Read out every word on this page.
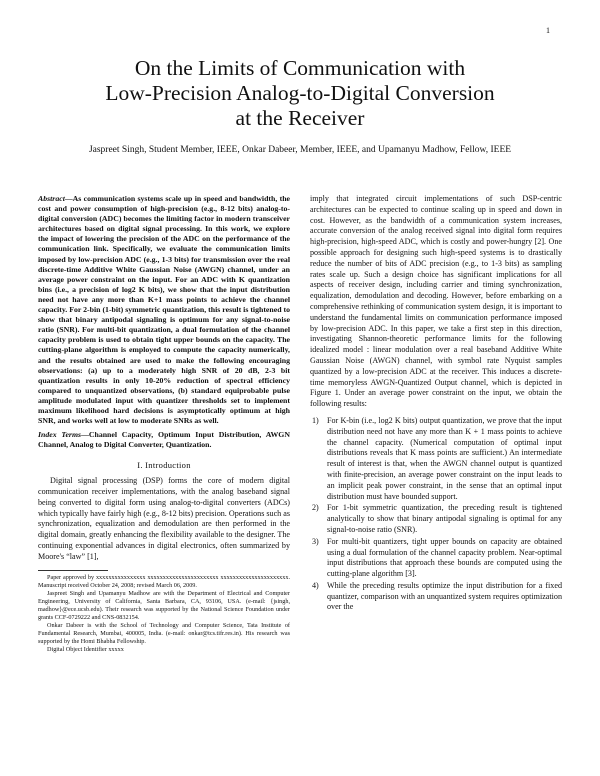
1
On the Limits of Communication with
Low-Precision Analog-to-Digital Conversion
at the Receiver
Jaspreet Singh, Student Member, IEEE, Onkar Dabeer, Member, IEEE, and Upamanyu Madhow, Fellow, IEEE
Abstract—As communication systems scale up in speed and bandwidth, the cost and power consumption of high-precision (e.g., 8-12 bits) analog-to-digital conversion (ADC) becomes the limiting factor in modern transceiver architectures based on digital signal processing. In this work, we explore the impact of lowering the precision of the ADC on the performance of the communication link. Specifically, we evaluate the communication limits imposed by low-precision ADC (e.g., 1-3 bits) for transmission over the real discrete-time Additive White Gaussian Noise (AWGN) channel, under an average power constraint on the input. For an ADC with K quantization bins (i.e., a precision of log2 K bits), we show that the input distribution need not have any more than K+1 mass points to achieve the channel capacity. For 2-bin (1-bit) symmetric quantization, this result is tightened to show that binary antipodal signaling is optimum for any signal-to-noise ratio (SNR). For multi-bit quantization, a dual formulation of the channel capacity problem is used to obtain tight upper bounds on the capacity. The cutting-plane algorithm is employed to compute the capacity numerically, and the results obtained are used to make the following encouraging observations: (a) up to a moderately high SNR of 20 dB, 2-3 bit quantization results in only 10-20% reduction of spectral efficiency compared to unquantized observations, (b) standard equiprobable pulse amplitude modulated input with quantizer thresholds set to implement maximum likelihood hard decisions is asymptotically optimum at high SNR, and works well at low to moderate SNRs as well.
Index Terms—Channel Capacity, Optimum Input Distribution, AWGN Channel, Analog to Digital Converter, Quantization.
I. Introduction

Digital signal processing (DSP) forms the core of modern digital communication receiver implementations, with the analog baseband signal being converted to digital form using analog-to-digital converters (ADCs) which typically have fairly high (e.g., 8-12 bits) precision. Operations such as synchronization, equalization and demodulation are then performed in the digital domain, greatly enhancing the flexibility available to the designer. The continuing exponential advances in digital electronics, often summarized by Moore's “law” [1],

Paper approved by xxxxxxxxxxxxxxxx xxxxxxxxxxxxxxxxxxxxxxx xxxxxxxxxxxxxxxxxxxxxx. Manuscript received October 24, 2008; revised March 06, 2009.

Jaspreet Singh and Upamanyu Madhow are with the Department of Electrical and Computer Engineering, University of California, Santa Barbara, CA, 93106, USA. (e-mail: {jsingh, madhow}@ece.ucsb.edu). Their research was supported by the National Science Foundation under grants CCF-0729222 and CNS-0832154.

Onkar Dabeer is with the School of Technology and Computer Science, Tata Institute of Fundamental Research, Mumbai, 400005, India. (e-mail: onkar@tcs.tifr.res.in). His research was supported by the Homi Bhabha Fellowship.

Digital Object Identifier xxxxx

imply that integrated circuit implementations of such DSP-centric architectures can be expected to continue scaling up in speed and down in cost. However, as the bandwidth of a communication system increases, accurate conversion of the analog received signal into digital form requires high-precision, high-speed ADC, which is costly and power-hungry [2]. One possible approach for designing such high-speed systems is to drastically reduce the number of bits of ADC precision (e.g., to 1-3 bits) as sampling rates scale up. Such a design choice has significant implications for all aspects of receiver design, including carrier and timing synchronization, equalization, demodulation and decoding. However, before embarking on a comprehensive rethinking of communication system design, it is important to understand the fundamental limits on communication performance imposed by low-precision ADC. In this paper, we take a first step in this direction, investigating Shannon-theoretic performance limits for the following idealized model : linear modulation over a real baseband Additive White Gaussian Noise (AWGN) channel, with symbol rate Nyquist samples quantized by a low-precision ADC at the receiver. This induces a discrete-time memoryless AWGN-Quantized Output channel, which is depicted in Figure 1. Under an average power constraint on the input, we obtain the following results:

1) For K-bin (i.e., log2 K bits) output quantization, we prove that the input distribution need not have any more than K + 1 mass points to achieve the channel capacity. (Numerical computation of optimal input distributions reveals that K mass points are sufficient.) An intermediate result of interest is that, when the AWGN channel output is quantized with finite-precision, an average power constraint on the input leads to an implicit peak power constraint, in the sense that an optimal input distribution must have bounded support.
2) For 1-bit symmetric quantization, the preceding result is tightened analytically to show that binary antipodal signaling is optimal for any signal-to-noise ratio (SNR).
3) For multi-bit quantizers, tight upper bounds on capacity are obtained using a dual formulation of the channel capacity problem. Near-optimal input distributions that approach these bounds are computed using the cutting-plane algorithm [3].
4) While the preceding results optimize the input distribution for a fixed quantizer, comparison with an unquantized system requires optimization over the
